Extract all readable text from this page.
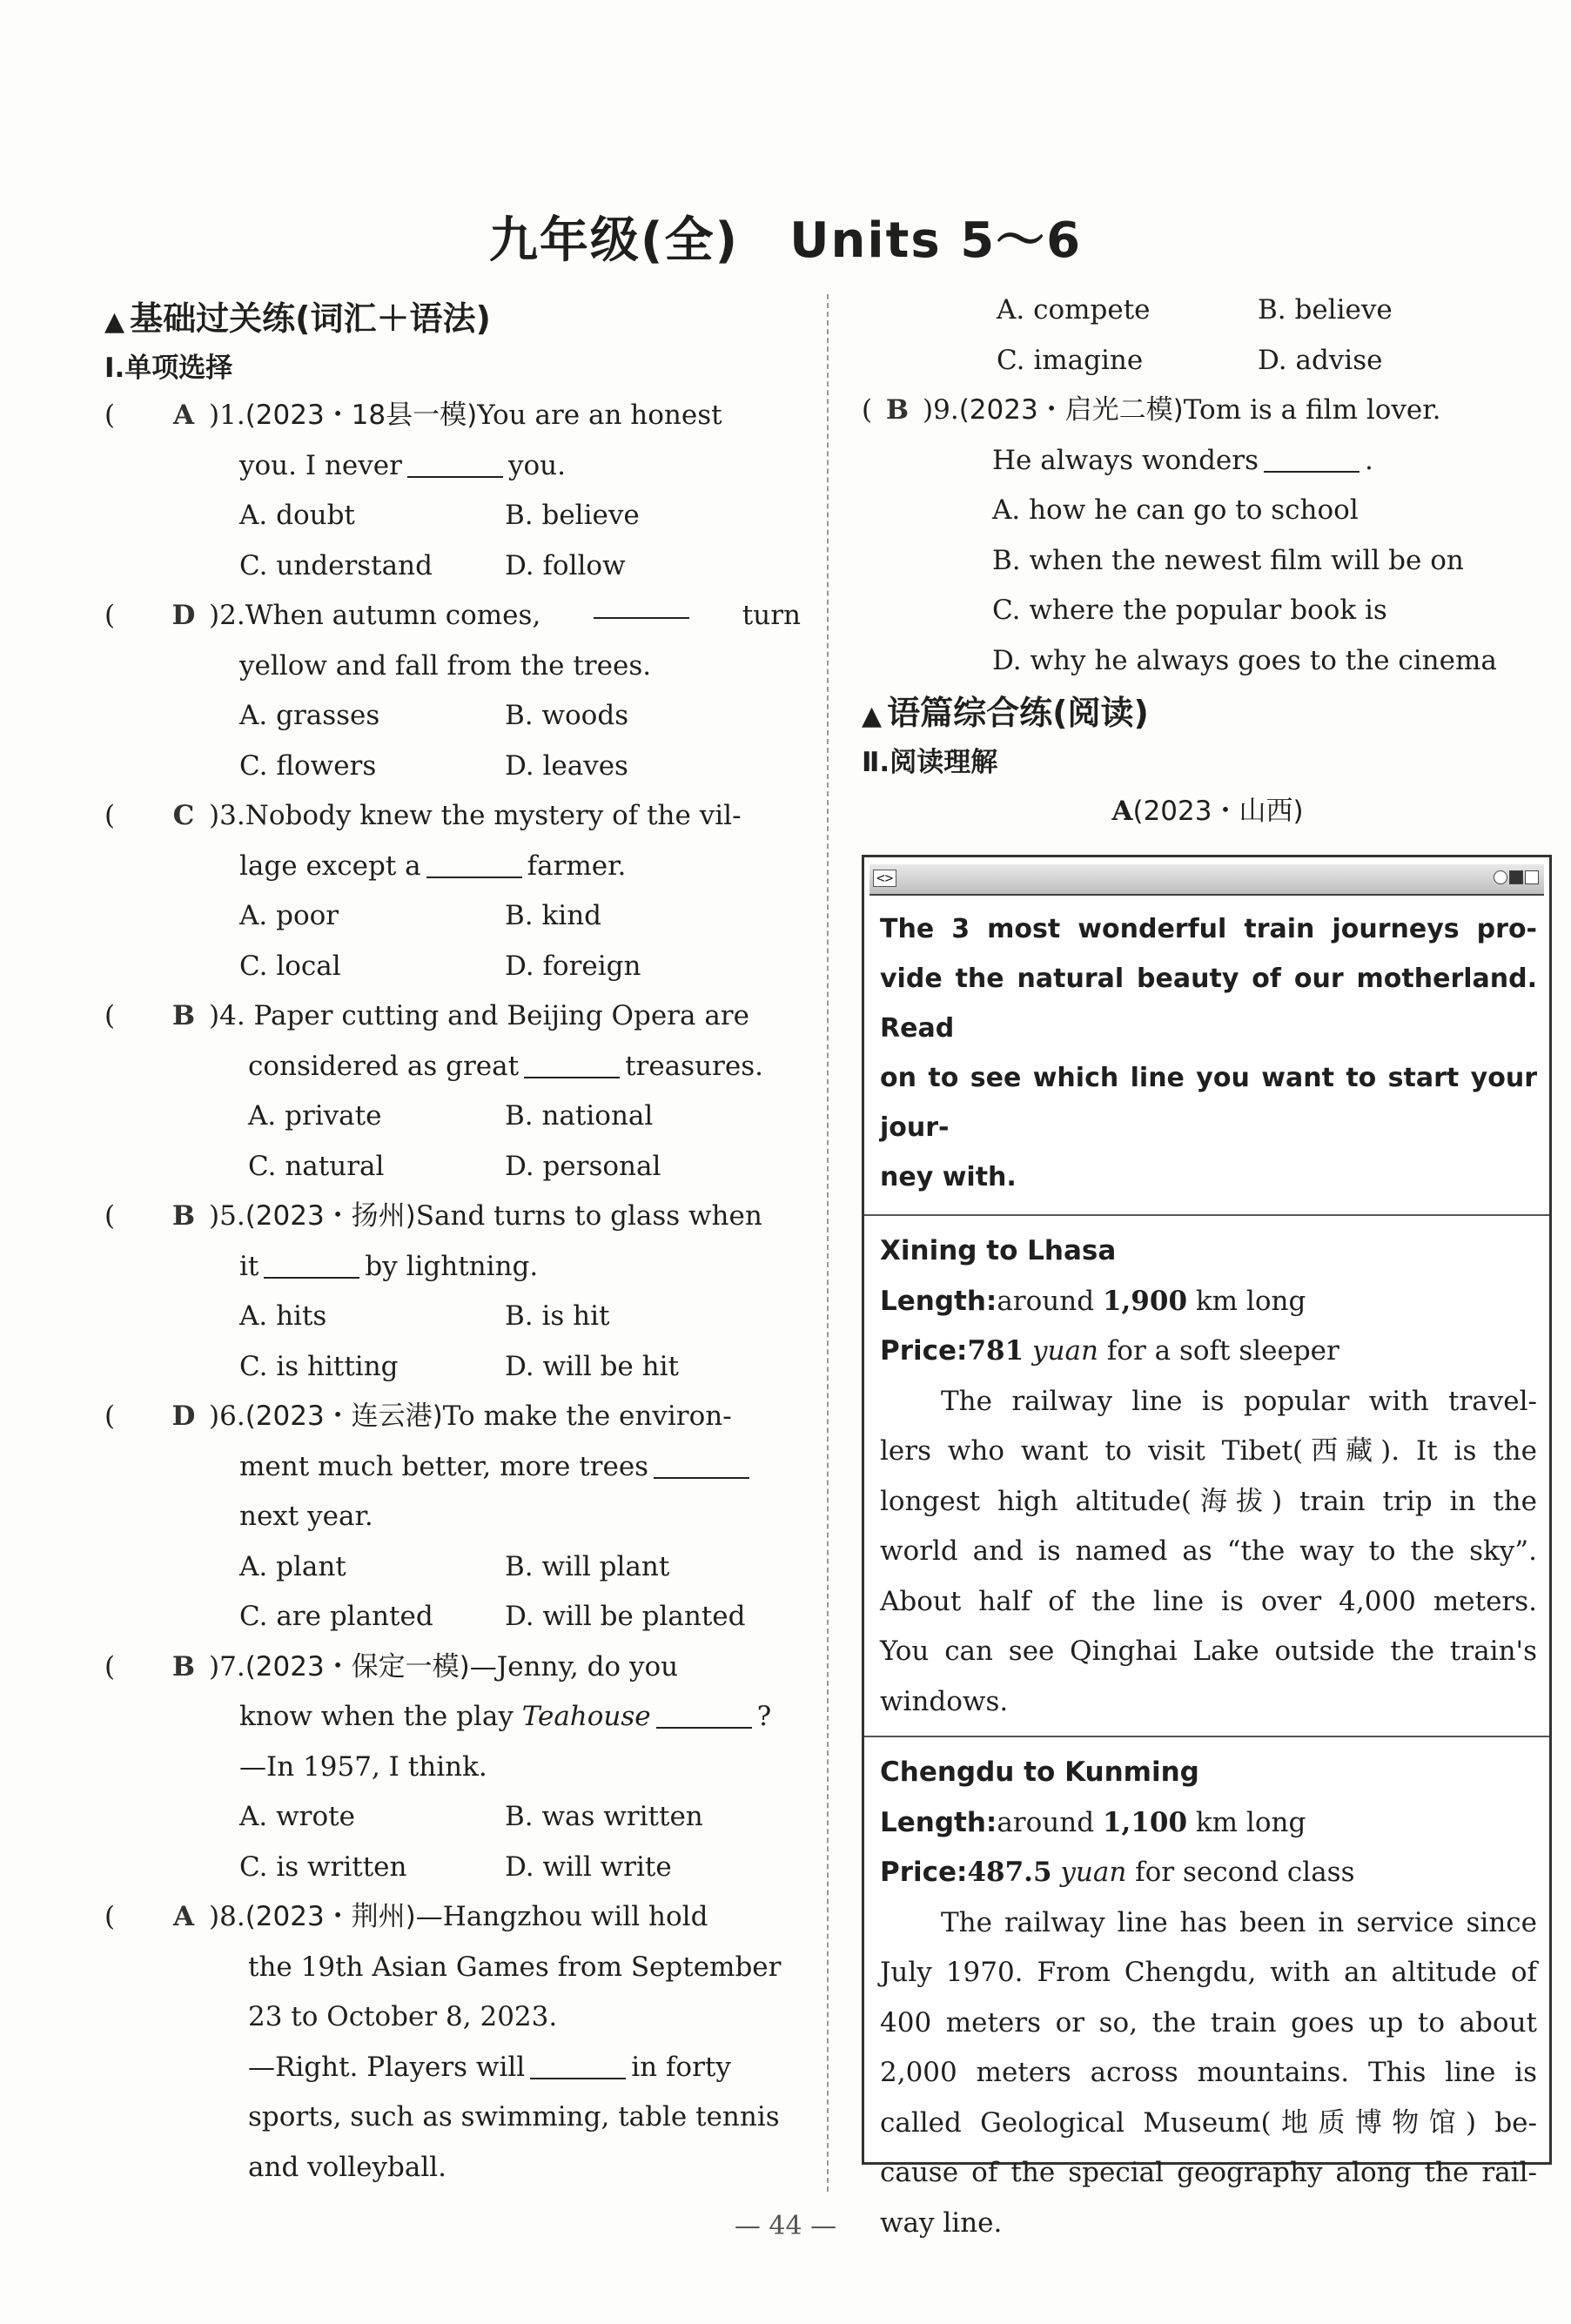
九年级(全)　Units 5～6
▲ 基础过关练(词汇＋语法)
Ⅰ.单项选择
( A )1.(2023・18县一模)You are an honest
you. I never	you.
A. doubt	B. believe
C. understand	D. follow
(	D ) 2. When autumn comes,	turn
yellow and fall from the trees.
A. grasses	B. woods
C. flowers	D. leaves
( C )3.Nobody knew the mystery of the vil-
lage except a	farmer.
A. poor	B. kind
C. local	D. foreign
( B )4. Paper cutting and Beijing Opera are
considered as great	treasures.
A. private	B. national
C. natural	D. personal
( B )5.(2023・扬州)Sand turns to glass when
it	by lightning.
A. hits	B. is hit
C. is hitting	D. will be hit
( D )6.(2023・连云港)To make the environ-
ment much better, more trees
next year.
A. plant	B. will plant
C. are planted	D. will be planted
( B )7.(2023・保定一模)—Jenny, do you
know when the play Teahouse	?
—In 1957, I think.
A. wrote	B. was written
C. is written	D. will write
( A )8.(2023・荆州)—Hangzhou will hold
the 19th Asian Games from September
23 to October 8, 2023.
—Right. Players will	in forty
sports, such as swimming, table tennis
and volleyball.
A. compete	B. believe
C. imagine	D. advise
( B )9.(2023・启光二模)Tom is a film lover.
He always wonders	.
A. how he can go to school
B. when the newest film will be on
C. where the popular book is
D. why he always goes to the cinema
▲ 语篇综合练(阅读)
Ⅱ.阅读理解
A(2023・山西)
<>
The 3 most wonderful train journeys pro-
vide the natural beauty of our motherland. Read
on to see which line you want to start your jour-
ney with.
Xining to Lhasa
Length:around 1,900 km long
Price:781 yuan for a soft sleeper
The railway line is popular with travel-
lers who want to visit Tibet(西藏). It is the
longest high altitude(海拔) train trip in the
world and is named as “the way to the sky”.
About half of the line is over 4,000 meters.
You can see Qinghai Lake outside the train's
windows.
Chengdu to Kunming
Length:around 1,100 km long
Price:487.5 yuan for second class
The railway line has been in service since
July 1970. From Chengdu, with an altitude of
400 meters or so, the train goes up to about
2,000 meters across mountains. This line is
called Geological Museum(地质博物馆) be-
cause of the special geography along the rail-
way line.
— 44 —
